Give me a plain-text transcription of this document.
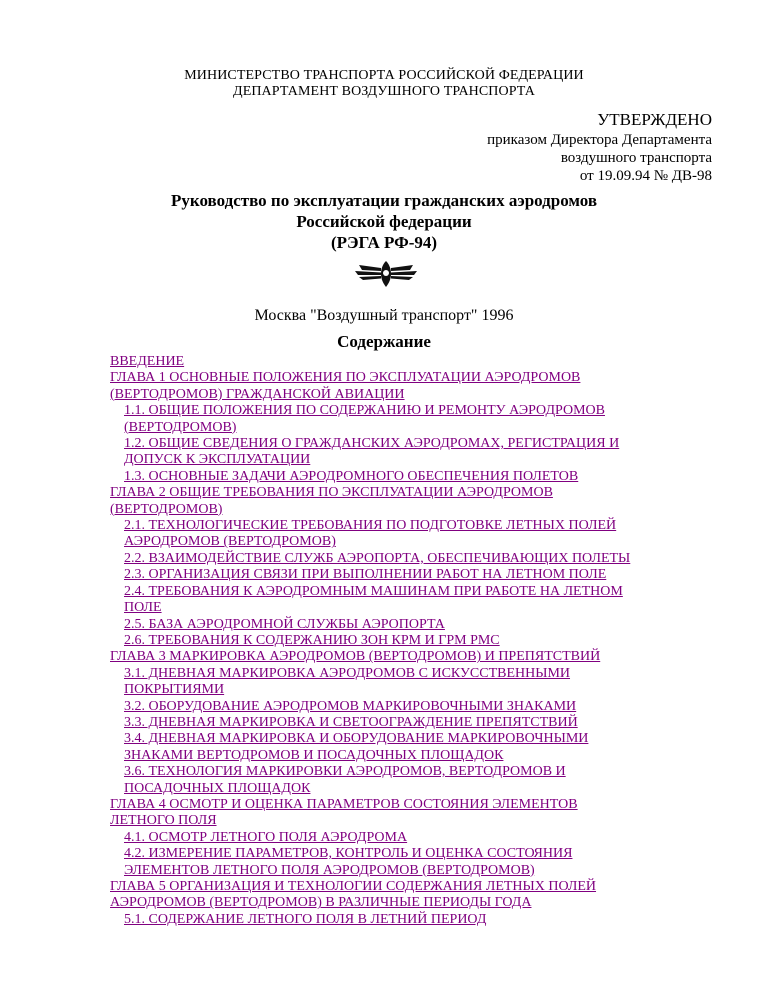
МИНИСТЕРСТВО ТРАНСПОРТА РОССИЙСКОЙ ФЕДЕРАЦИИ
ДЕПАРТАМЕНТ ВОЗДУШНОГО ТРАНСПОРТА
УТВЕРЖДЕНО
приказом Директора Департамента
воздушного транспорта
от 19.09.94 № ДВ-98
Руководство по эксплуатации гражданских аэродромов
Российской федерации
(РЭГА РФ-94)
Москва "Воздушный транспорт" 1996
Содержание
ВВЕДЕНИЕ
ГЛАВА 1 ОСНОВНЫЕ ПОЛОЖЕНИЯ ПО ЭКСПЛУАТАЦИИ АЭРОДРОМОВ
(ВЕРТОДРОМОВ) ГРАЖДАНСКОЙ АВИАЦИИ
1.1. ОБЩИЕ ПОЛОЖЕНИЯ ПО СОДЕРЖАНИЮ И РЕМОНТУ АЭРОДРОМОВ
(ВЕРТОДРОМОВ)
1.2. ОБЩИЕ СВЕДЕНИЯ О ГРАЖДАНСКИХ АЭРОДРОМАХ, РЕГИСТРАЦИЯ И
ДОПУСК К ЭКСПЛУАТАЦИИ
1.3. ОСНОВНЫЕ ЗАДАЧИ АЭРОДРОМНОГО ОБЕСПЕЧЕНИЯ ПОЛЕТОВ
ГЛАВА 2 ОБЩИЕ ТРЕБОВАНИЯ ПО ЭКСПЛУАТАЦИИ АЭРОДРОМОВ
(ВЕРТОДРОМОВ)
2.1. ТЕХНОЛОГИЧЕСКИЕ ТРЕБОВАНИЯ ПО ПОДГОТОВКЕ ЛЕТНЫХ ПОЛЕЙ
АЭРОДРОМОВ (ВЕРТОДРОМОВ)
2.2. ВЗАИМОДЕЙСТВИЕ СЛУЖБ АЭРОПОРТА, ОБЕСПЕЧИВАЮЩИХ ПОЛЕТЫ
2.3. ОРГАНИЗАЦИЯ СВЯЗИ ПРИ ВЫПОЛНЕНИИ РАБОТ НА ЛЕТНОМ ПОЛЕ
2.4. ТРЕБОВАНИЯ К АЭРОДРОМНЫМ МАШИНАМ ПРИ РАБОТЕ НА ЛЕТНОМ
ПОЛЕ
2.5. БАЗА АЭРОДРОМНОЙ СЛУЖБЫ АЭРОПОРТА
2.6. ТРЕБОВАНИЯ К СОДЕРЖАНИЮ ЗОН КРМ И ГРМ РМС
ГЛАВА 3 МАРКИРОВКА АЭРОДРОМОВ (ВЕРТОДРОМОВ) И ПРЕПЯТСТВИЙ
3.1. ДНЕВНАЯ МАРКИРОВКА АЭРОДРОМОВ С ИСКУССТВЕННЫМИ
ПОКРЫТИЯМИ
3.2. ОБОРУДОВАНИЕ АЭРОДРОМОВ МАРКИРОВОЧНЫМИ ЗНАКАМИ
3.3. ДНЕВНАЯ МАРКИРОВКА И СВЕТООГРАЖДЕНИЕ ПРЕПЯТСТВИЙ
3.4. ДНЕВНАЯ МАРКИРОВКА И ОБОРУДОВАНИЕ МАРКИРОВОЧНЫМИ
ЗНАКАМИ ВЕРТОДРОМОВ И ПОСАДОЧНЫХ ПЛОЩАДОК
3.6. ТЕХНОЛОГИЯ МАРКИРОВКИ АЭРОДРОМОВ, ВЕРТОДРОМОВ И
ПОСАДОЧНЫХ ПЛОЩАДОК
ГЛАВА 4 ОСМОТР И ОЦЕНКА ПАРАМЕТРОВ СОСТОЯНИЯ ЭЛЕМЕНТОВ
ЛЕТНОГО ПОЛЯ
4.1. ОСМОТР ЛЕТНОГО ПОЛЯ АЭРОДРОМА
4.2. ИЗМЕРЕНИЕ ПАРАМЕТРОВ, КОНТРОЛЬ И ОЦЕНКА СОСТОЯНИЯ
ЭЛЕМЕНТОВ ЛЕТНОГО ПОЛЯ АЭРОДРОМОВ (ВЕРТОДРОМОВ)
ГЛАВА 5 ОРГАНИЗАЦИЯ И ТЕХНОЛОГИИ СОДЕРЖАНИЯ ЛЕТНЫХ ПОЛЕЙ
АЭРОДРОМОВ (ВЕРТОДРОМОВ) В РАЗЛИЧНЫЕ ПЕРИОДЫ ГОДА
5.1. СОДЕРЖАНИЕ ЛЕТНОГО ПОЛЯ В ЛЕТНИЙ ПЕРИОД
